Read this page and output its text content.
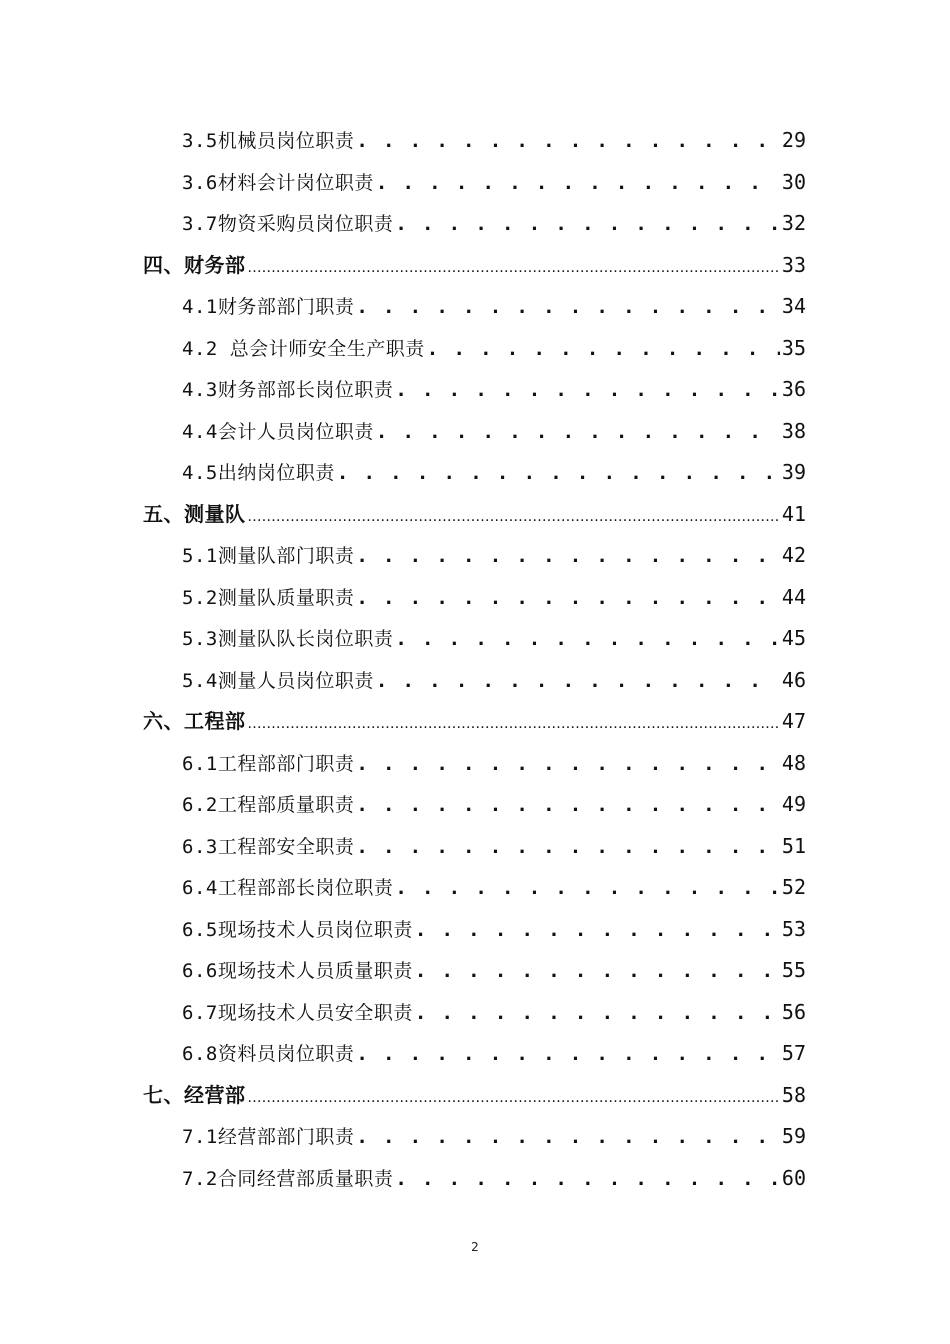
3.5机械员岗位职责 . . .	29
3.6材料会计岗位职责 . . .	30
3.7物资采购员岗位职责 . . .	32
四、财务部 .....	33
4.1财务部部门职责 . . .	34
4.2 总会计师安全生产职责 . . .	35
4.3财务部部长岗位职责 . . .	36
4.4会计人员岗位职责 . . .	38
4.5出纳岗位职责 . . .	39
五、测量队 .....	41
5.1测量队部门职责 . . .	42
5.2测量队质量职责 . . .	44
5.3测量队队长岗位职责 . . .	45
5.4测量人员岗位职责 . . .	46
六、工程部 .....	47
6.1工程部部门职责 . . .	48
6.2工程部质量职责 . . .	49
6.3工程部安全职责 . . .	51
6.4工程部部长岗位职责 . . .	52
6.5现场技术人员岗位职责 . . .	53
6.6现场技术人员质量职责 . . .	55
6.7现场技术人员安全职责 . . .	56
6.8资料员岗位职责 . . .	57
七、经营部 .....	58
7.1经营部部门职责 . . .	59
7.2合同经营部质量职责 . . .	60
2
